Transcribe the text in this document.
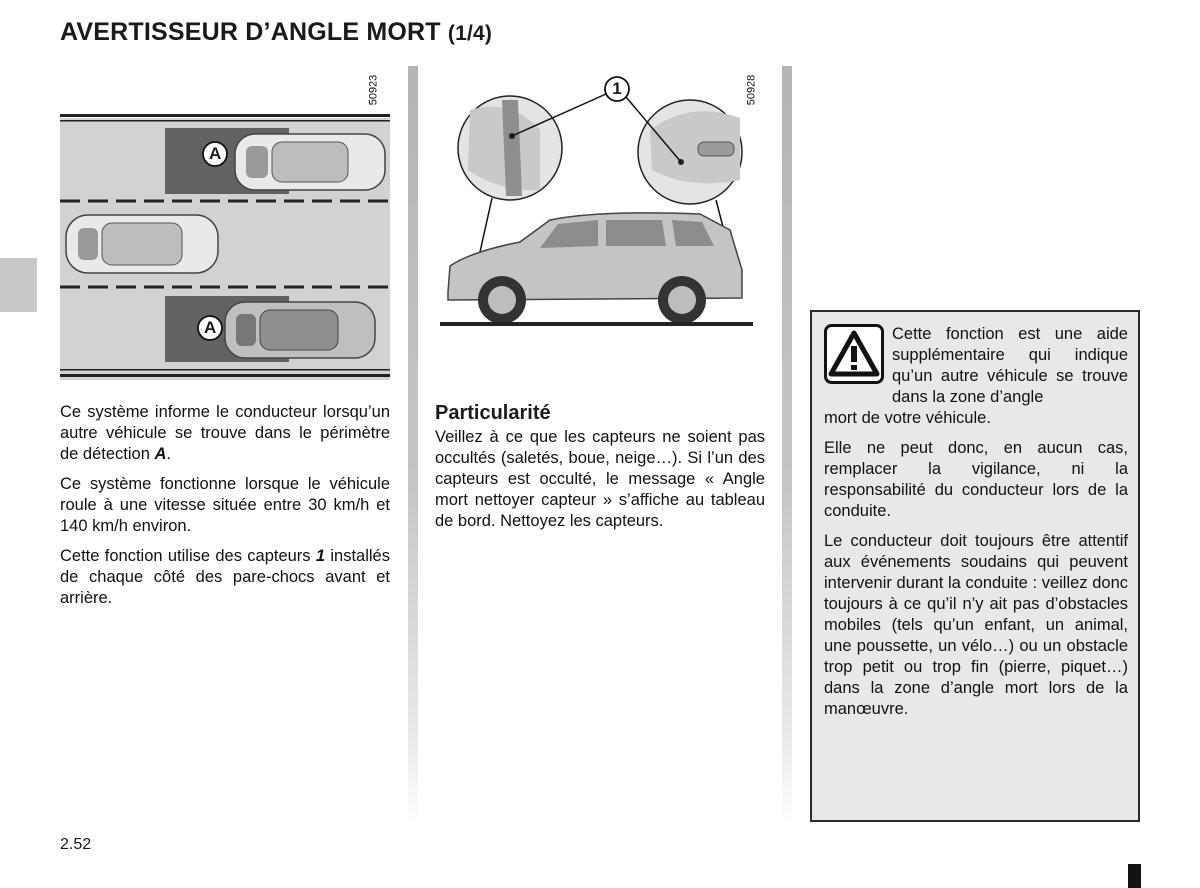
AVERTISSEUR D’ANGLE MORT (1/4)
A
A
50923	1	50928

Ce système informe le conducteur lorsqu’un autre véhicule se trouve dans le périmètre de détection A.

Ce système fonctionne lorsque le véhicule roule à une vitesse située entre 30 km/h et 140 km/h environ.

Cette fonction utilise des capteurs 1 installés de chaque côté des pare-chocs avant et arrière.

Particularité

Veillez à ce que les capteurs ne soient pas occultés (saletés, boue, neige…). Si l’un des capteurs est occulté, le message « Angle mort nettoyer capteur » s’affiche au tableau de bord. Nettoyez les capteurs.

Cette fonction est une aide supplémentaire qui indique qu’un autre véhicule se trouve dans la zone d’angle
mort de votre véhicule.
Elle ne peut donc, en aucun cas, remplacer la vigilance, ni la responsabilité du conducteur lors de la conduite.
Le conducteur doit toujours être attentif aux événements soudains qui peuvent intervenir durant la conduite : veillez donc toujours à ce qu’il n’y ait pas d’obstacles mobiles (tels qu’un enfant, un animal, une poussette, un vélo…) ou un obstacle trop petit ou trop fin (pierre, piquet…) dans la zone d’angle mort lors de la manœuvre.
2.52
